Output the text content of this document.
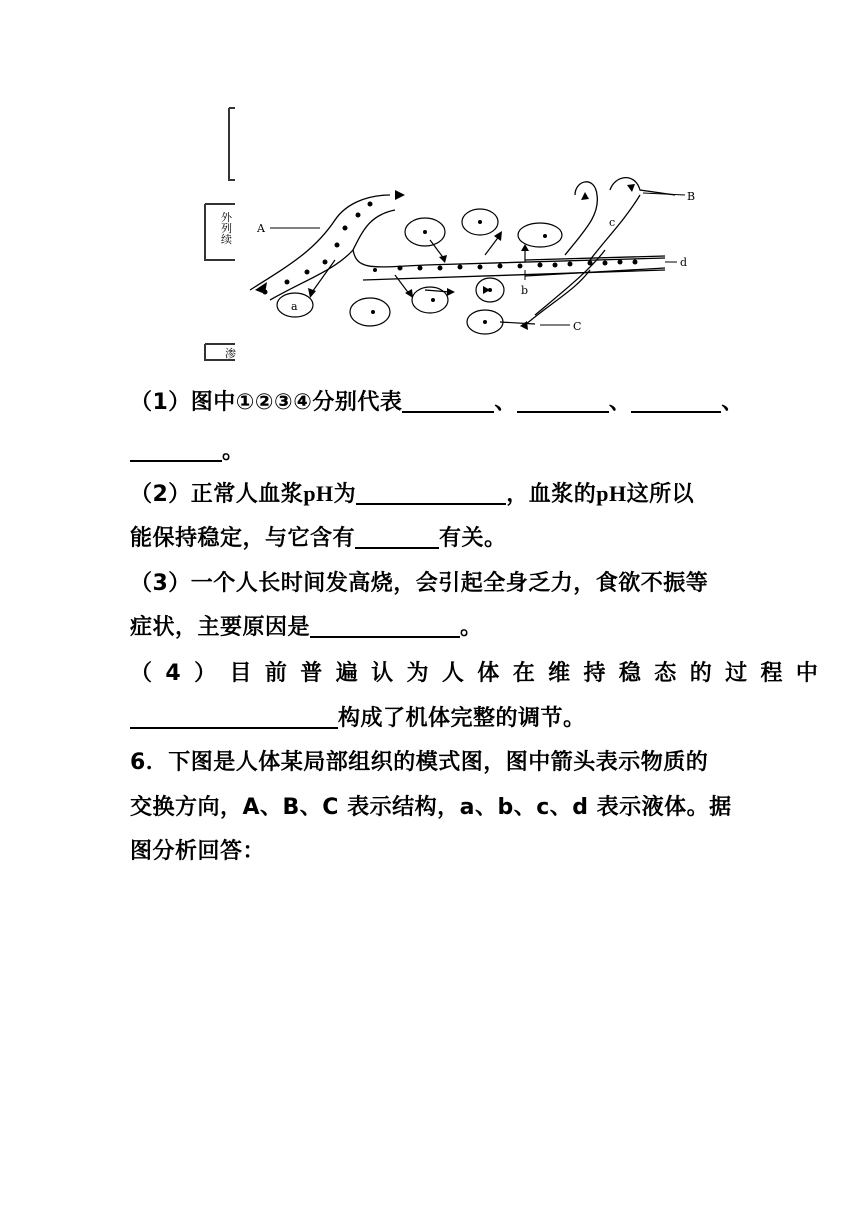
外
列
续
渗
A
B
C
a
b
c
d
（1）图中①②③④分别代表	、	、	、
。
（2）正常人血浆pH为	，血浆的pH这所以
能保持稳定，与它含有	有关。
（3）一个人长时间发高烧，会引起全身乏力，食欲不振等
症状，主要原因是	。
（4）目前普遍认为人体在维持稳态的过程中
构成了机体完整的调节。
6．下图是人体某局部组织的模式图，图中箭头表示物质的
交换方向，A、B、C 表示结构，a、b、c、d 表示液体。据
图分析回答：
